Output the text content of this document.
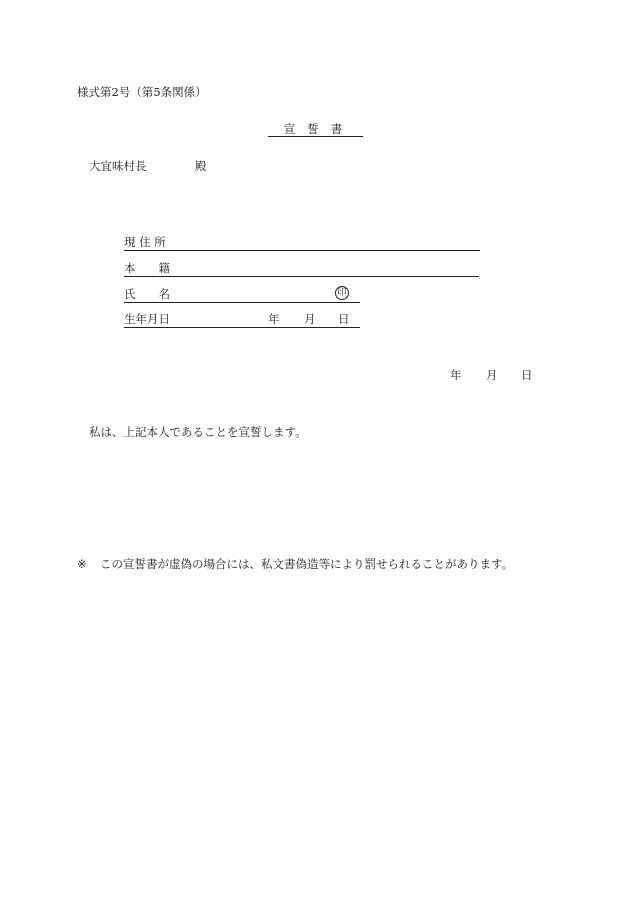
様式第2号（第5条関係）
宣誓書
大宜味村長	殿
現 住 所
本　　籍
氏　　名	印
生年月日	年 月 日
年 月 日
私は、上記本人であることを宣誓します。
※ この宣誓書が虚偽の場合には、私文書偽造等により罰せられることがあります。
